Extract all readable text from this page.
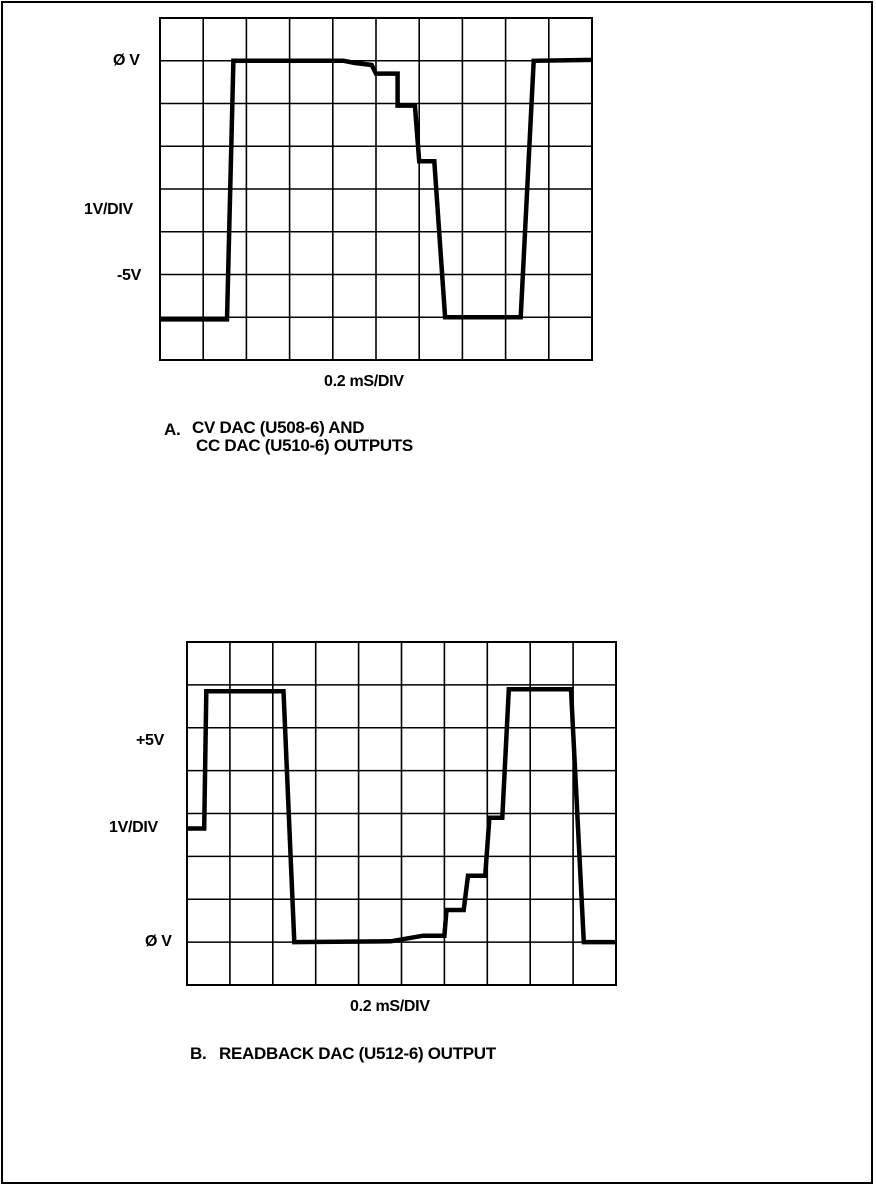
Ø V
1V/DIV
-5V
0.2 mS/DIV
A. CV DAC (U508-6) AND
CC DAC (U510-6) OUTPUTS
+5V
1V/DIV
Ø V
0.2 mS/DIV
B. READBACK DAC (U512-6) OUTPUT
